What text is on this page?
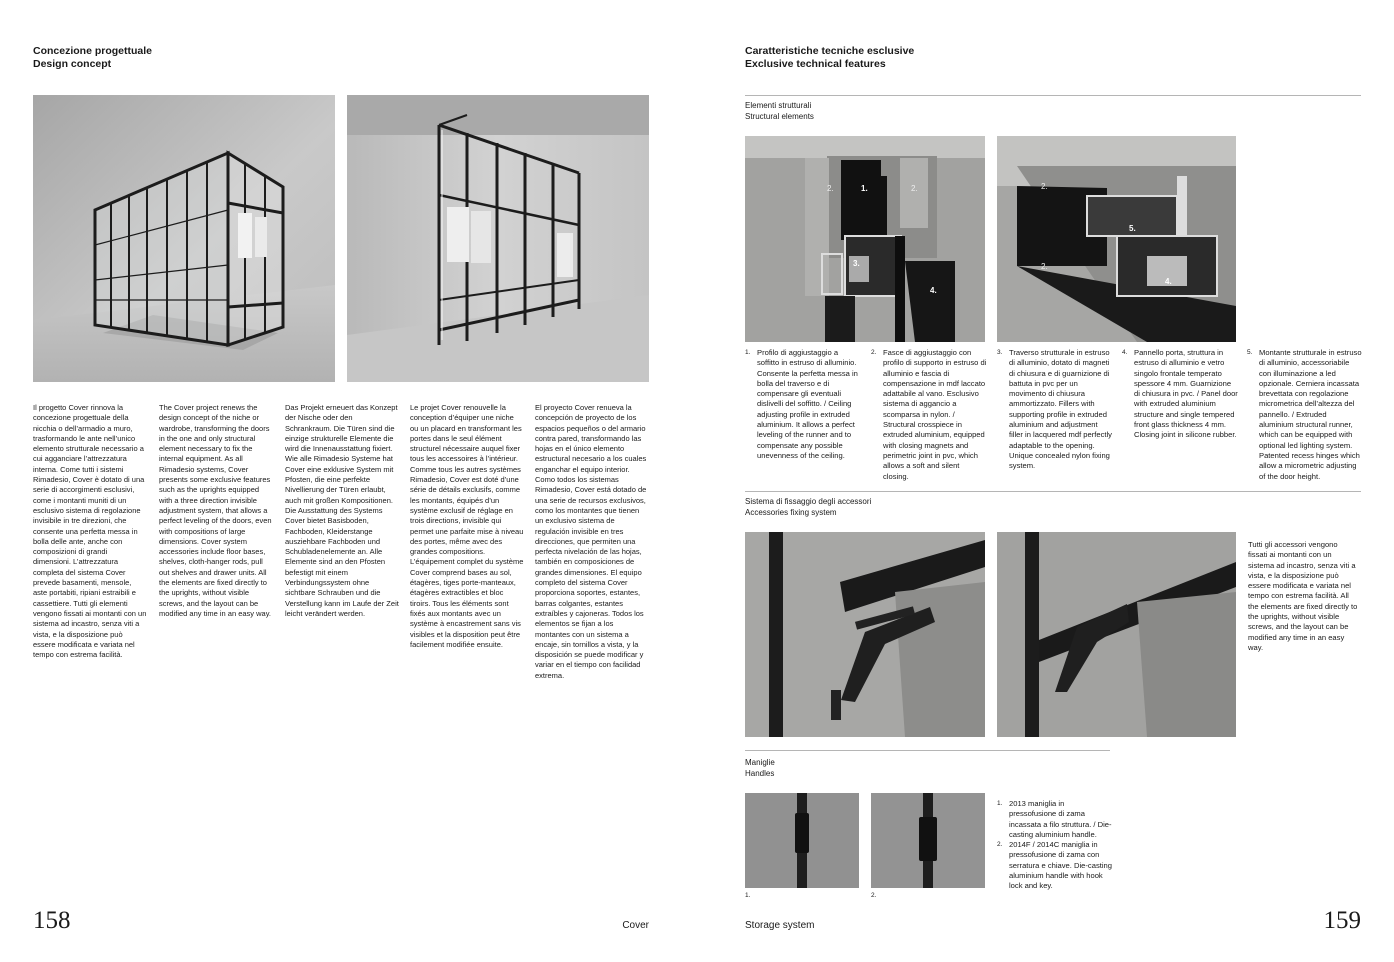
Concezione progettuale
Design concept
Il progetto Cover rinnova la concezione progettuale della nicchia o dell’armadio a muro, trasformando le ante nell’unico elemento strutturale necessario a cui agganciare l’attrezzatura interna. Come tutti i sistemi Rimadesio, Cover è dotato di una serie di accorgimenti esclusivi, come i montanti muniti di un esclusivo sistema di regolazione invisibile in tre direzioni, che consente una perfetta messa in bolla delle ante, anche con composizioni di grandi dimensioni. L’attrezzatura completa del sistema Cover prevede basamenti, mensole, aste portabiti, ripiani estraibili e cassettiere. Tutti gli elementi vengono fissati ai montanti con un sistema ad incastro, senza viti a vista, e la disposizione può essere modificata e variata nel tempo con estrema facilità.
The Cover project renews the design concept of the niche or wardrobe, transforming the doors in the one and only structural element necessary to fix the internal equipment. As all Rimadesio systems, Cover presents some exclusive features such as the uprights equipped with a three direction invisible adjustment system, that allows a perfect leveling of the doors, even with compositions of large dimensions. Cover system accessories include floor bases, shelves, cloth-hanger rods, pull out shelves and drawer units. All the elements are fixed directly to the uprights, without visible screws, and the layout can be modified any time in an easy way.
Das Projekt erneuert das Konzept der Nische oder den Schrankraum. Die Türen sind die einzige strukturelle Elemente die wird die Innenausstattung fixiert. Wie alle Rimadesio Systeme hat Cover eine exklusive System mit Pfosten, die eine perfekte Nivellierung der Türen erlaubt, auch mit großen Kompositionen. Die Ausstattung des Systems Cover bietet Basisboden, Fachboden, Kleiderstange ausziehbare Fachboden und Schubladenelemente an. Alle Elemente sind an den Pfosten befestigt mit einem Verbindungssystem ohne sichtbare Schrauben und die Verstellung kann im Laufe der Zeit leicht verändert werden.
Le projet Cover renouvelle la conception d’équiper une niche ou un placard en transformant les portes dans le seul élément structurel nécessaire auquel fixer tous les accessoires à l’intérieur. Comme tous les autres systèmes Rimadesio, Cover est doté d’une série de détails exclusifs, comme les montants, équipés d’un système exclusif de réglage en trois directions, invisible qui permet une parfaite mise à niveau des portes, même avec des grandes compositions. L’équipement complet du système Cover comprend bases au sol, étagères, tiges porte-manteaux, étagères extractibles et bloc tiroirs. Tous les éléments sont fixés aux montants avec un système à encastrement sans vis visibles et la disposition peut être facilement modifiée ensuite.
El proyecto Cover renueva la concepción de proyecto de los espacios pequeños o del armario contra pared, transformando las hojas en el único elemento estructural necesario a los cuales enganchar el equipo interior. Como todos los sistemas Rimadesio, Cover está dotado de una serie de recursos exclusivos, como los montantes que tienen un exclusivo sistema de regulación invisible en tres direcciones, que permiten una perfecta nivelación de las hojas, también en composiciones de grandes dimensiones. El equipo completo del sistema Cover proporciona soportes, estantes, barras colgantes, estantes extraíbles y cajoneras. Todos los elementos se fijan a los montantes con un sistema a encaje, sin tornillos a vista, y la disposición se puede modificar y variar en el tiempo con facilidad extrema.
158	Cover
Caratteristiche tecniche esclusive
Exclusive technical features
Elementi strutturali
Structural elements
2.	1.	2.
3.
4.
2.
5.
2.
4.
1. Profilo di aggiustaggio a soffitto in estruso di alluminio. Consente la perfetta messa in bolla del traverso e di compensare gli eventuali dislivelli del soffitto. / Ceiling adjusting profile in extruded aluminium. It allows a perfect leveling of the runner and to compensate any possible unevenness of the ceiling.
2. Fasce di aggiustaggio con profilo di supporto in estruso di alluminio e fascia di compensazione in mdf laccato adattabile al vano. Esclusivo sistema di aggancio a scomparsa in nylon. / Structural crosspiece in extruded aluminium, equipped with closing magnets and perimetric joint in pvc, which allows a soft and silent closing.
3. Traverso strutturale in estruso di alluminio, dotato di magneti di chiusura e di guarnizione di battuta in pvc per un movimento di chiusura ammortizzato. Fillers with supporting profile in extruded aluminium and adjustment filler in lacquered mdf perfectly adaptable to the opening. Unique concealed nylon fixing system.
4. Pannello porta, struttura in estruso di alluminio e vetro singolo frontale temperato spessore 4 mm. Guarnizione di chiusura in pvc. / Panel door with extruded aluminium structure and single tempered front glass thickness 4 mm. Closing joint in silicone rubber.
5. Montante strutturale in estruso di alluminio, accessoriabile con illuminazione a led opzionale. Cerniera incassata brevettata con regolazione micrometrica dell’altezza del pannello. / Extruded aluminium structural runner, which can be equipped with optional led lighting system. Patented recess hinges which allow a micrometric adjusting of the door height.
Sistema di fissaggio degli accessori
Accessories fixing system
Tutti gli accessori vengono fissati ai montanti con un sistema ad incastro, senza viti a vista, e la disposizione può essere modificata e variata nel tempo con estrema facilità. All the elements are fixed directly to the uprights, without visible screws, and the layout can be modified any time in an easy way.
Maniglie
Handles
1.	2.
1. 2013 maniglia in pressofusione di zama incassata a filo struttura. / Die-casting aluminium handle.
2. 2014F / 2014C maniglia in pressofusione di zama con serratura e chiave. Die-casting aluminium handle with hook lock and key.
Storage system	159
